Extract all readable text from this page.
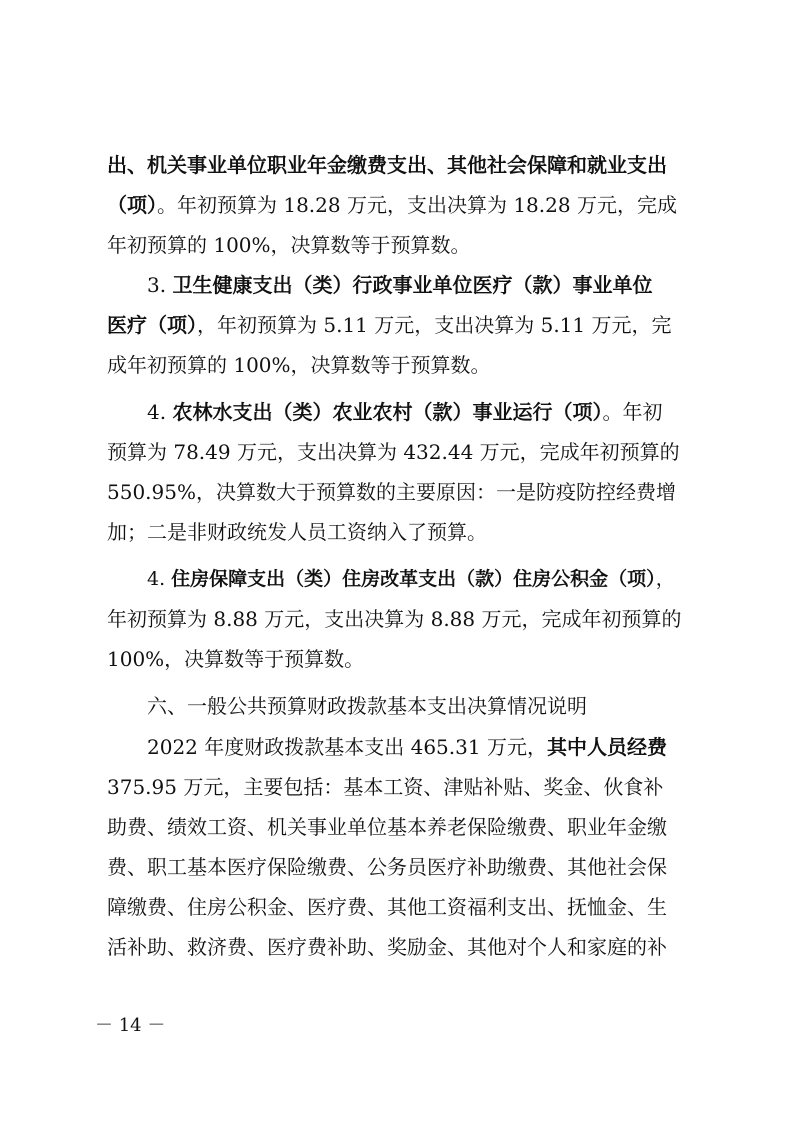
出、机关事业单位职业年金缴费支出、其他社会保障和就业支出
（项）。年初预算为 18.28 万元，支出决算为 18.28 万元，完成
年初预算的 100%，决算数等于预算数。
3. 卫生健康支出（类）行政事业单位医疗（款）事业单位
医疗（项），年初预算为 5.11 万元，支出决算为 5.11 万元，完
成年初预算的 100%，决算数等于预算数。
4. 农林水支出（类）农业农村（款）事业运行（项）。年初
预算为 78.49 万元，支出决算为 432.44 万元，完成年初预算的
550.95%，决算数大于预算数的主要原因：一是防疫防控经费增
加；二是非财政统发人员工资纳入了预算。
4. 住房保障支出（类）住房改革支出（款）住房公积金（项），
年初预算为 8.88 万元，支出决算为 8.88 万元，完成年初预算的
100%，决算数等于预算数。
六、一般公共预算财政拨款基本支出决算情况说明
2022 年度财政拨款基本支出 465.31 万元，其中人员经费
375.95 万元，主要包括：基本工资、津贴补贴、奖金、伙食补
助费、绩效工资、机关事业单位基本养老保险缴费、职业年金缴
费、职工基本医疗保险缴费、公务员医疗补助缴费、其他社会保
障缴费、住房公积金、医疗费、其他工资福利支出、抚恤金、生
活补助、救济费、医疗费补助、奖励金、其他对个人和家庭的补
－ 14 －
